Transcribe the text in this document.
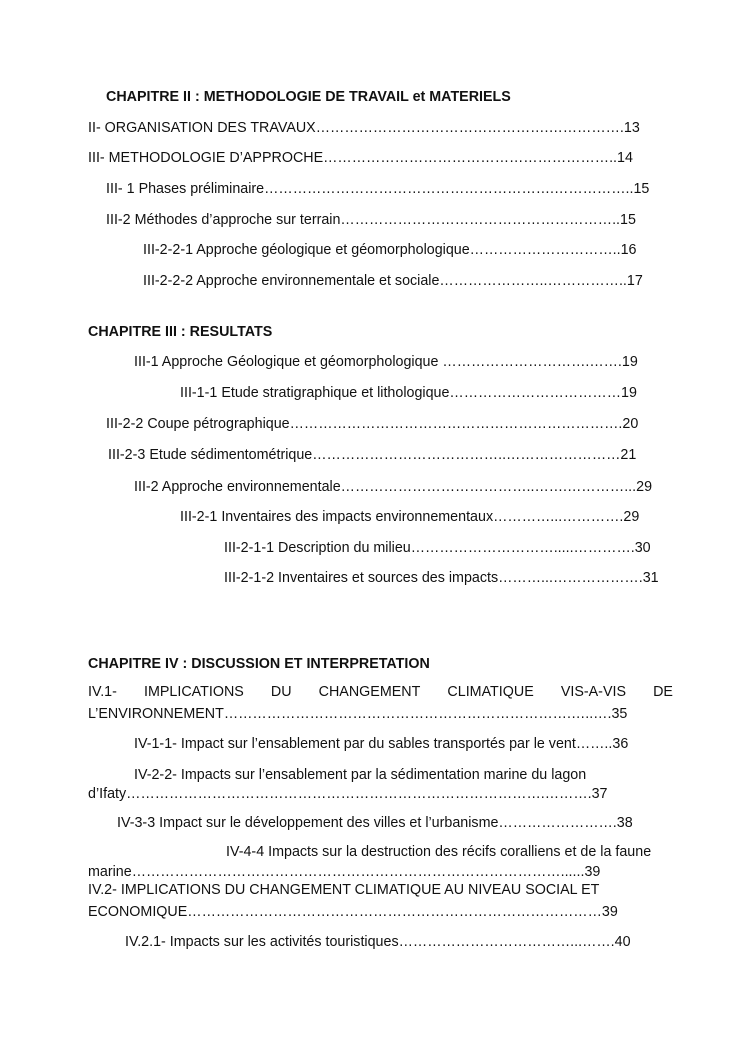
CHAPITRE II : METHODOLOGIE DE TRAVAIL et MATERIELS
II- ORGANISATION DES TRAVAUX………………………………………….…………….13
III- METHODOLOGIE D’APPROCHE……………………………………………………..14
III- 1 Phases préliminaire…………………………………………………….……………..15
III-2 Méthodes d’approche sur terrain…………………………………………………..15
III-2-2-1 Approche géologique et géomorphologique…………………………..16
III-2-2-2 Approche environnementale et sociale…………………..……………..17
CHAPITRE III : RESULTATS
III-1 Approche Géologique et géomorphologique ………………………….…….19
III-1-1 Etude stratigraphique et lithologique………………………………19
III-2-2 Coupe pétrographique…………………………………………………………….20
III-2-3 Etude sédimentométrique…………………………………..……………………21
III-2 Approche environnementale…………………………………..…….…………...29
III-2-1 Inventaires des impacts environnementaux…………...………….29
III-2-1-1 Description du milieu………………………….....………….30
III-2-1-2 Inventaires et sources des impacts………...……………….31
CHAPITRE IV : DISCUSSION ET INTERPRETATION
IV.1- IMPLICATIONS DU CHANGEMENT CLIMATIQUE VIS-A-VIS DE
L’ENVIRONNEMENT……………………………………………………………….…..….35
IV-1-1- Impact sur l’ensablement par du sables transportés par le vent……..36
IV-2-2- Impacts sur l’ensablement par la sédimentation marine du lagon
d’Ifaty…………………………………………………………………………….……….37
IV-3-3 Impact sur le développement des villes et l’urbanisme…………………….38
IV-4-4 Impacts sur la destruction des récifs coralliens et de la faune
marine………………………………………………………………………………......39
IV.2- IMPLICATIONS DU CHANGEMENT CLIMATIQUE AU NIVEAU SOCIAL ET
ECONOMIQUE……………………………………………………………………………39
IV.2.1- Impacts sur les activités touristiques………………………………...…….40
